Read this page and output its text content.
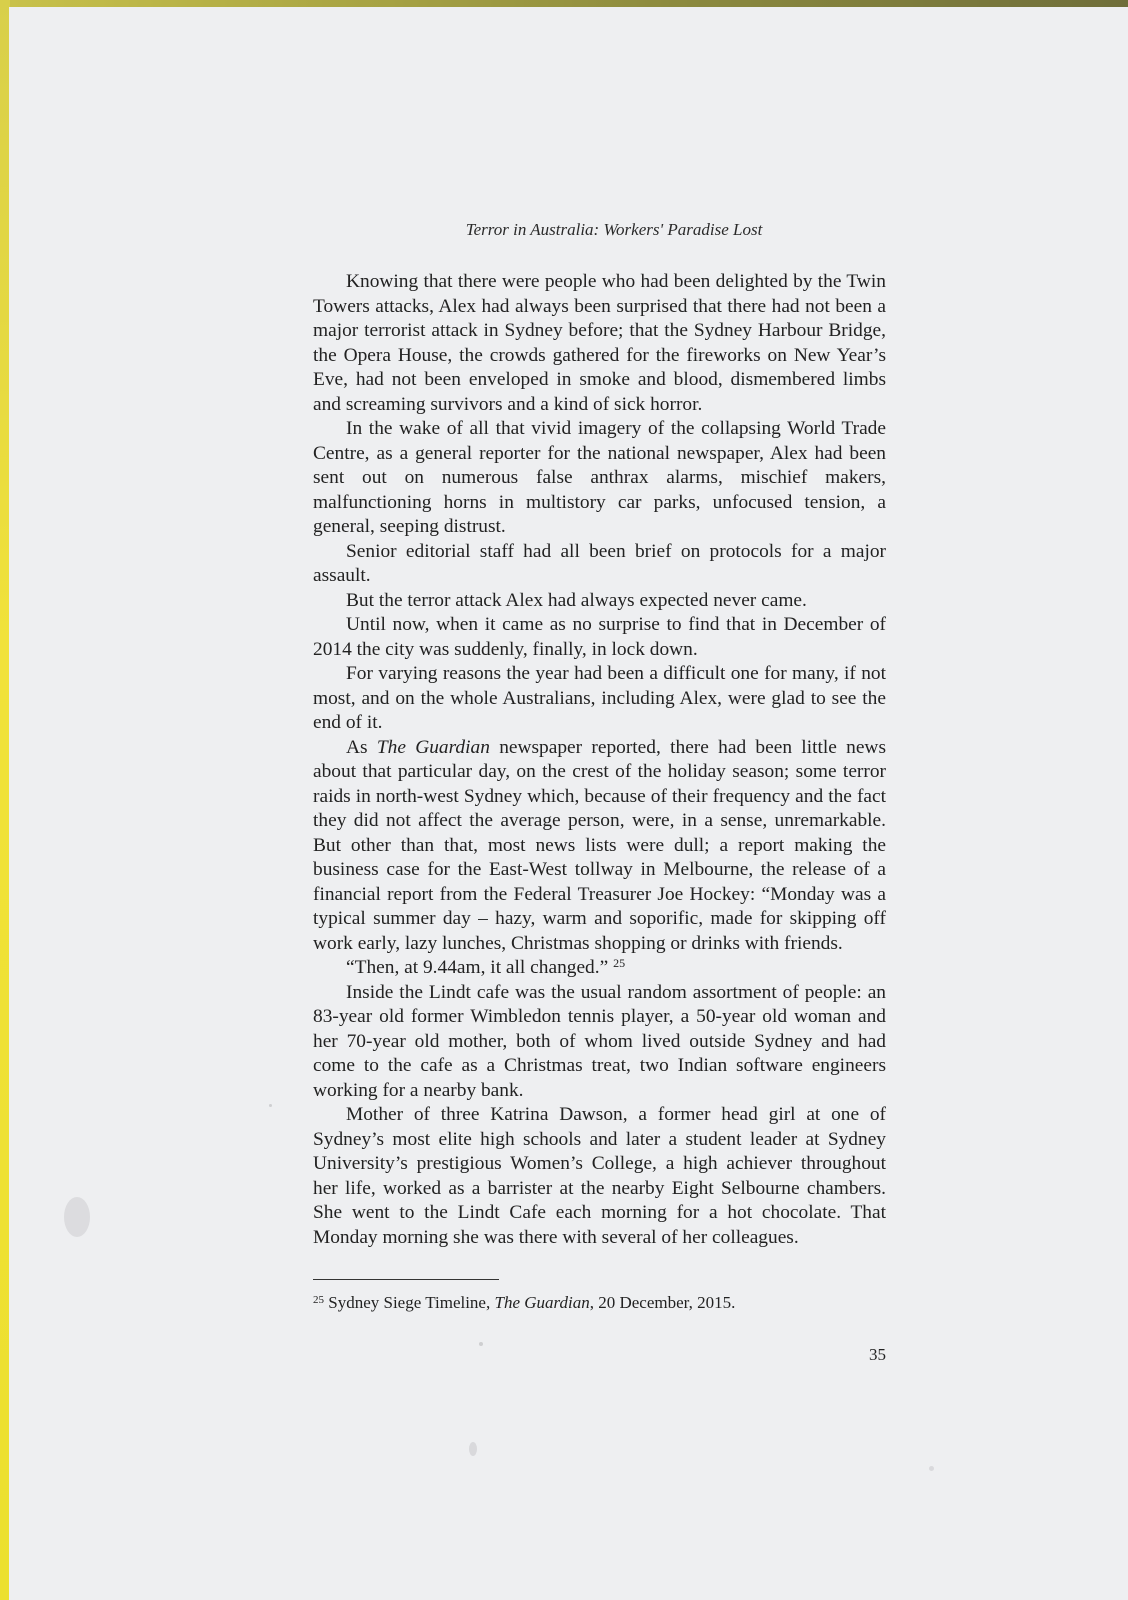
Terror in Australia: Workers' Paradise Lost

Knowing that there were people who had been delighted by the Twin Towers attacks, Alex had always been surprised that there had not been a major terrorist attack in Sydney before; that the Sydney Harbour Bridge, the Opera House, the crowds gathered for the fireworks on New Year’s Eve, had not been enveloped in smoke and blood, dismembered limbs and screaming survivors and a kind of sick horror.

In the wake of all that vivid imagery of the collapsing World Trade Centre, as a general reporter for the national newspaper, Alex had been sent out on numerous false anthrax alarms, mischief makers, malfunctioning horns in multistory car parks, unfocused tension, a general, seeping distrust.

Senior editorial staff had all been brief on protocols for a major assault.

But the terror attack Alex had always expected never came.

Until now, when it came as no surprise to find that in December of 2014 the city was suddenly, finally, in lock down.

For varying reasons the year had been a difficult one for many, if not most, and on the whole Australians, including Alex, were glad to see the end of it.

As The Guardian newspaper reported, there had been little news about that particular day, on the crest of the holiday season; some terror raids in north-west Sydney which, because of their frequency and the fact they did not affect the average person, were, in a sense, unremarkable. But other than that, most news lists were dull; a report making the business case for the East-West tollway in Melbourne, the release of a financial report from the Federal Treasurer Joe Hockey: “Monday was a typical summer day – hazy, warm and soporific, made for skipping off work early, lazy lunches, Christmas shopping or drinks with friends.

“Then, at 9.44am, it all changed.” $^{25}$

Inside the Lindt cafe was the usual random assortment of people: an 83-year old former Wimbledon tennis player, a 50-year old woman and her 70-year old mother, both of whom lived outside Sydney and had come to the cafe as a Christmas treat, two Indian software engineers working for a nearby bank.

Mother of three Katrina Dawson, a former head girl at one of Sydney’s most elite high schools and later a student leader at Sydney University’s prestigious Women’s College, a high achiever throughout her life, worked as a barrister at the nearby Eight Selbourne chambers. She went to the Lindt Cafe each morning for a hot chocolate. That Monday morning she was there with several of her colleagues.

$^{25}$ Sydney Siege Timeline, The Guardian, 20 December, 2015.

35
